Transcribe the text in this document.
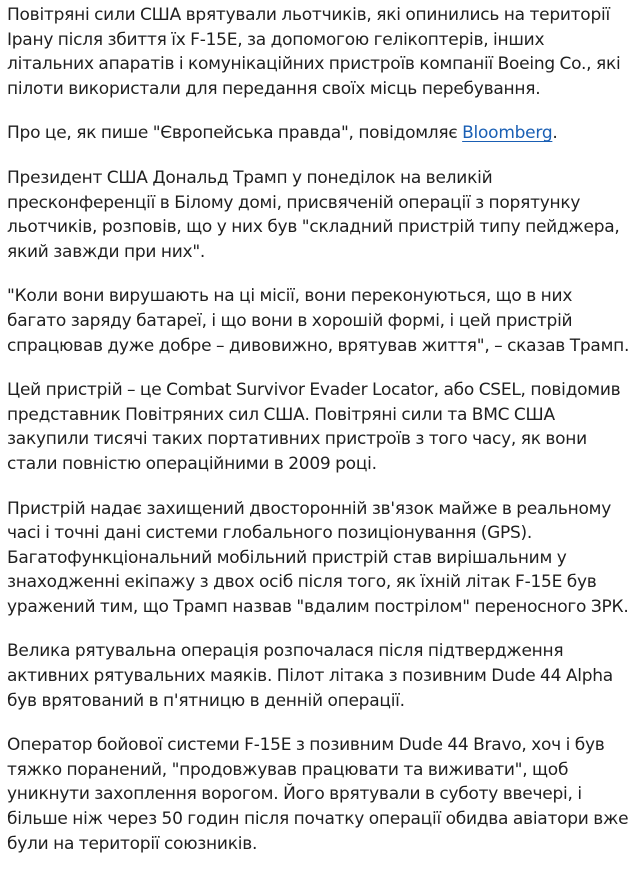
Повітряні сили США врятували льотчиків, які опинились на території Ірану після збиття їх F-15E, за допомогою гелікоптерів, інших літальних апаратів і комунікаційних пристроїв компанії Boeing Co., які пілоти використали для передання своїх місць перебування.

Про це, як пише "Європейська правда", повідомляє Bloomberg.

Президент США Дональд Трамп у понеділок на великій пресконференції в Білому домі, присвяченій операції з порятунку льотчиків, розповів, що у них був "складний пристрій типу пейджера, який завжди при них".

"Коли вони вирушають на ці місії, вони переконуються, що в них багато заряду батареї, і що вони в хорошій формі, і цей пристрій спрацював дуже добре – дивовижно, врятував життя", – сказав Трамп.

Цей пристрій – це Combat Survivor Evader Locator, або CSEL, повідомив представник Повітряних сил США. Повітряні сили та ВМС США закупили тисячі таких портативних пристроїв з того часу, як вони стали повністю операційними в 2009 році.

Пристрій надає захищений двосторонній зв'язок майже в реальному часі і точні дані системи глобального позиціонування (GPS). Багатофункціональний мобільний пристрій став вирішальним у знаходженні екіпажу з двох осіб після того, як їхній літак F-15E був уражений тим, що Трамп назвав "вдалим пострілом" переносного ЗРК.

Велика рятувальна операція розпочалася після підтвердження активних рятувальних маяків. Пілот літака з позивним Dude 44 Alpha був врятований в п'ятницю в денній операції.

Оператор бойової системи F-15E з позивним Dude 44 Bravo, хоч і був тяжко поранений, "продовжував працювати та виживати", щоб уникнути захоплення ворогом. Його врятували в суботу ввечері, і більше ніж через 50 годин після початку операції обидва авіатори вже були на території союзників.
